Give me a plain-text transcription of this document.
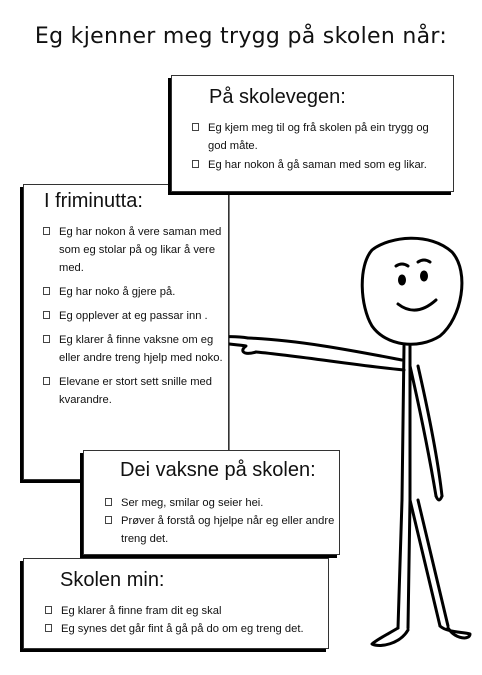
Eg kjenner meg trygg på skolen når:
På skolevegen:
Eg kjem meg til og frå skolen på ein trygg og god måte.
Eg har nokon å gå saman med som eg likar.
I friminutta:
Eg har nokon å vere saman med som eg stolar på og likar å vere med.
Eg har noko å gjere på.
Eg opplever at eg passar inn .
Eg klarer å finne vaksne om eg eller andre treng hjelp med noko.
Elevane er stort sett snille med kvarandre.
Dei vaksne på skolen:
Ser meg, smilar og seier hei.
Prøver å forstå og hjelpe når eg eller andre treng det.
Skolen min:
Eg klarer å finne fram dit eg skal
Eg synes det går fint å gå på do om eg treng det.
